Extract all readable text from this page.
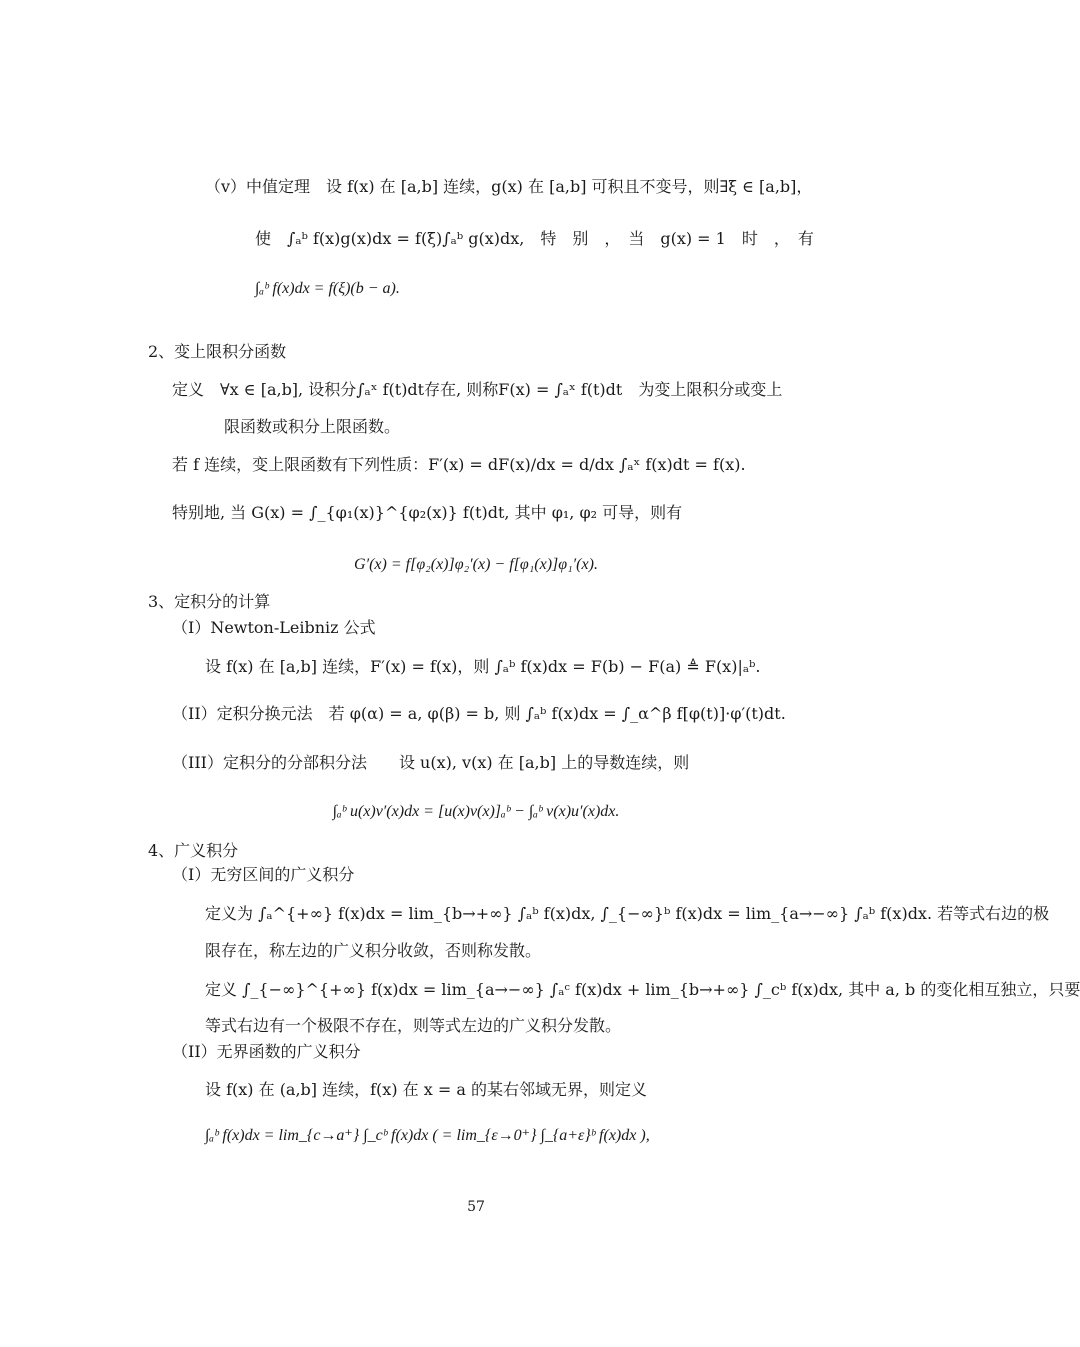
（v）中值定理　设 f(x) 在 [a,b] 连续，g(x) 在 [a,b] 可积且不变号，则∃ξ ∈ [a,b]，
使　∫ₐᵇ f(x)g(x)dx = f(ξ)∫ₐᵇ g(x)dx,　特　别　，　当　g(x) = 1　时　，　有
∫ₐᵇ f(x)dx = f(ξ)(b − a).
2、变上限积分函数
定义　∀x ∈ [a,b], 设积分∫ₐˣ f(t)dt存在, 则称F(x) = ∫ₐˣ f(t)dt　为变上限积分或变上
限函数或积分上限函数。
若 f 连续，变上限函数有下列性质：F′(x) = dF(x)/dx = d/dx ∫ₐˣ f(x)dt = f(x).
特别地, 当 G(x) = ∫_{φ₁(x)}^{φ₂(x)} f(t)dt, 其中 φ₁, φ₂ 可导，则有
G′(x) = f[φ₂(x)]φ₂′(x) − f[φ₁(x)]φ₁′(x).
3、定积分的计算
（I）Newton-Leibniz 公式
设 f(x) 在 [a,b] 连续，F′(x) = f(x)，则 ∫ₐᵇ f(x)dx = F(b) − F(a) ≜ F(x)|ₐᵇ.
（II）定积分换元法　若 φ(α) = a, φ(β) = b, 则 ∫ₐᵇ f(x)dx = ∫_α^β f[φ(t)]·φ′(t)dt.
（III）定积分的分部积分法　　设 u(x), v(x) 在 [a,b] 上的导数连续，则
∫ₐᵇ u(x)v′(x)dx = [u(x)v(x)]ₐᵇ − ∫ₐᵇ v(x)u′(x)dx.
4、广义积分
（I）无穷区间的广义积分
定义为 ∫ₐ^{+∞} f(x)dx = lim_{b→+∞} ∫ₐᵇ f(x)dx, ∫_{−∞}ᵇ f(x)dx = lim_{a→−∞} ∫ₐᵇ f(x)dx. 若等式右边的极
限存在，称左边的广义积分收敛，否则称发散。
定义 ∫_{−∞}^{+∞} f(x)dx = lim_{a→−∞} ∫ₐᶜ f(x)dx + lim_{b→+∞} ∫_cᵇ f(x)dx, 其中 a, b 的变化相互独立，只要
等式右边有一个极限不存在，则等式左边的广义积分发散。
（II）无界函数的广义积分
设 f(x) 在 (a,b] 连续，f(x) 在 x = a 的某右邻域无界，则定义
∫ₐᵇ f(x)dx = lim_{c→a⁺} ∫_cᵇ f(x)dx ( = lim_{ε→0⁺} ∫_{a+ε}ᵇ f(x)dx ),
57
